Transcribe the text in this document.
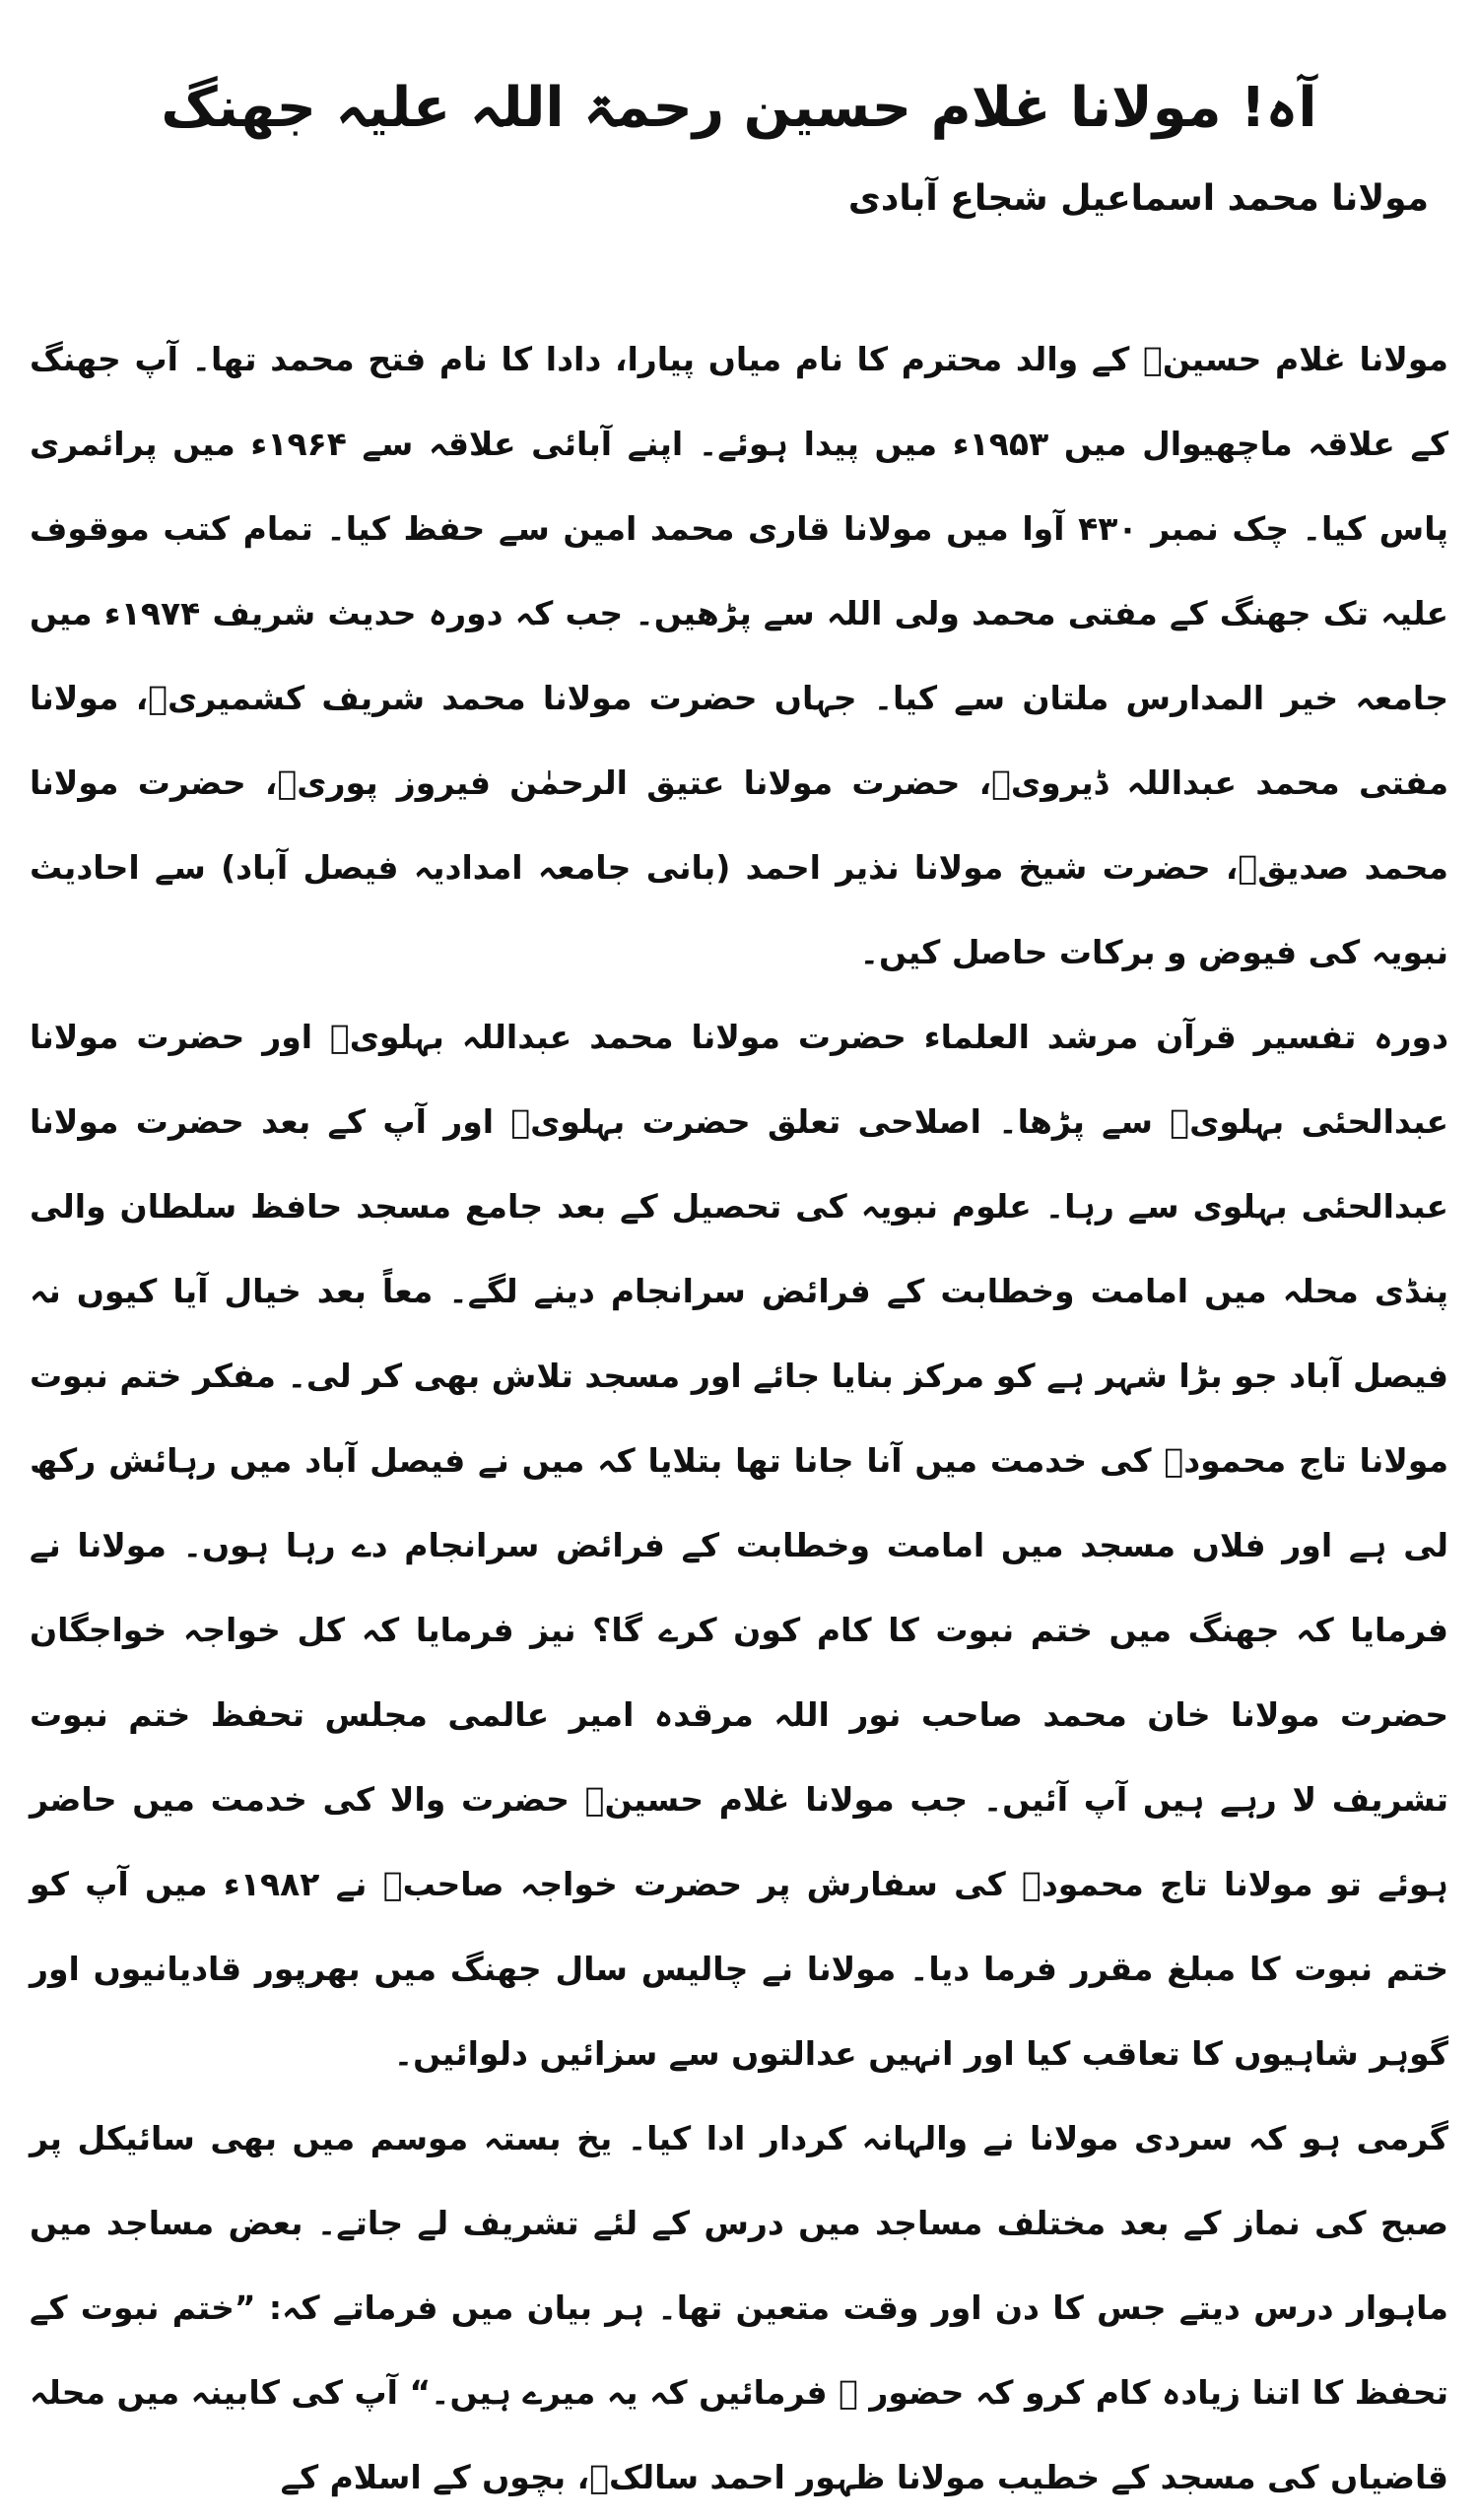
آہ! مولانا غلام حسین رحمۃ اللہ علیہ جھنگ
مولانا محمد اسماعیل شجاع آبادی

مولانا غلام حسینؒ کے والد محترم کا نام میاں پیارا، دادا کا نام فتح محمد تھا۔ آپ جھنگ کے علاقہ ماچھیوال میں ۱۹۵۳ء میں پیدا ہوئے۔ اپنے آبائی علاقہ سے ۱۹۶۴ء میں پرائمری پاس کیا۔ چک نمبر ۴۳۰ آوا میں مولانا قاری محمد امین سے حفظ کیا۔ تمام کتب موقوف علیہ تک جھنگ کے مفتی محمد ولی اللہ سے پڑھیں۔ جب کہ دورہ حدیث شریف ۱۹۷۴ء میں جامعہ خیر المدارس ملتان سے کیا۔ جہاں حضرت مولانا محمد شریف کشمیریؒ، مولانا مفتی محمد عبداللہ ڈیرویؒ، حضرت مولانا عتیق الرحمٰن فیروز پوریؒ، حضرت مولانا محمد صدیقؒ، حضرت شیخ مولانا نذیر احمد (بانی جامعہ امدادیہ فیصل آباد) سے احادیث نبویہ کی فیوض و برکات حاصل کیں۔

دورہ تفسیر قرآن مرشد العلماء حضرت مولانا محمد عبداللہ بہلویؒ اور حضرت مولانا عبدالحئی بہلویؒ سے پڑھا۔ اصلاحی تعلق حضرت بہلویؒ اور آپ کے بعد حضرت مولانا عبدالحئی بہلوی سے رہا۔ علوم نبویہ کی تحصیل کے بعد جامع مسجد حافظ سلطان والی پنڈی محلہ میں امامت وخطابت کے فرائض سرانجام دینے لگے۔ معاً بعد خیال آیا کیوں نہ فیصل آباد جو بڑا شہر ہے کو مرکز بنایا جائے اور مسجد تلاش بھی کر لی۔ مفکر ختم نبوت مولانا تاج محمودؒ کی خدمت میں آنا جانا تھا بتلایا کہ میں نے فیصل آباد میں رہائش رکھ لی ہے اور فلاں مسجد میں امامت وخطابت کے فرائض سرانجام دے رہا ہوں۔ مولانا نے فرمایا کہ جھنگ میں ختم نبوت کا کام کون کرے گا؟ نیز فرمایا کہ کل خواجہ خواجگان حضرت مولانا خان محمد صاحب نور اللہ مرقدہ امیر عالمی مجلس تحفظ ختم نبوت تشریف لا رہے ہیں آپ آئیں۔ جب مولانا غلام حسینؒ حضرت والا کی خدمت میں حاضر ہوئے تو مولانا تاج محمودؒ کی سفارش پر حضرت خواجہ صاحبؒ نے ۱۹۸۲ء میں آپ کو ختم نبوت کا مبلغ مقرر فرما دیا۔ مولانا نے چالیس سال جھنگ میں بھرپور قادیانیوں اور گوہر شاہیوں کا تعاقب کیا اور انہیں عدالتوں سے سزائیں دلوائیں۔

گرمی ہو کہ سردی مولانا نے والہانہ کردار ادا کیا۔ یخ بستہ موسم میں بھی سائیکل پر صبح کی نماز کے بعد مختلف مساجد میں درس کے لئے تشریف لے جاتے۔ بعض مساجد میں ماہوار درس دیتے جس کا دن اور وقت متعین تھا۔ ہر بیان میں فرماتے کہ: ”ختم نبوت کے تحفظ کا اتنا زیادہ کام کرو کہ حضور ﷺ فرمائیں کہ یہ میرے ہیں۔“ آپ کی کابینہ میں محلہ قاضیاں کی مسجد کے خطیب مولانا ظہور احمد سالکؒ، بچوں کے اسلام کے
